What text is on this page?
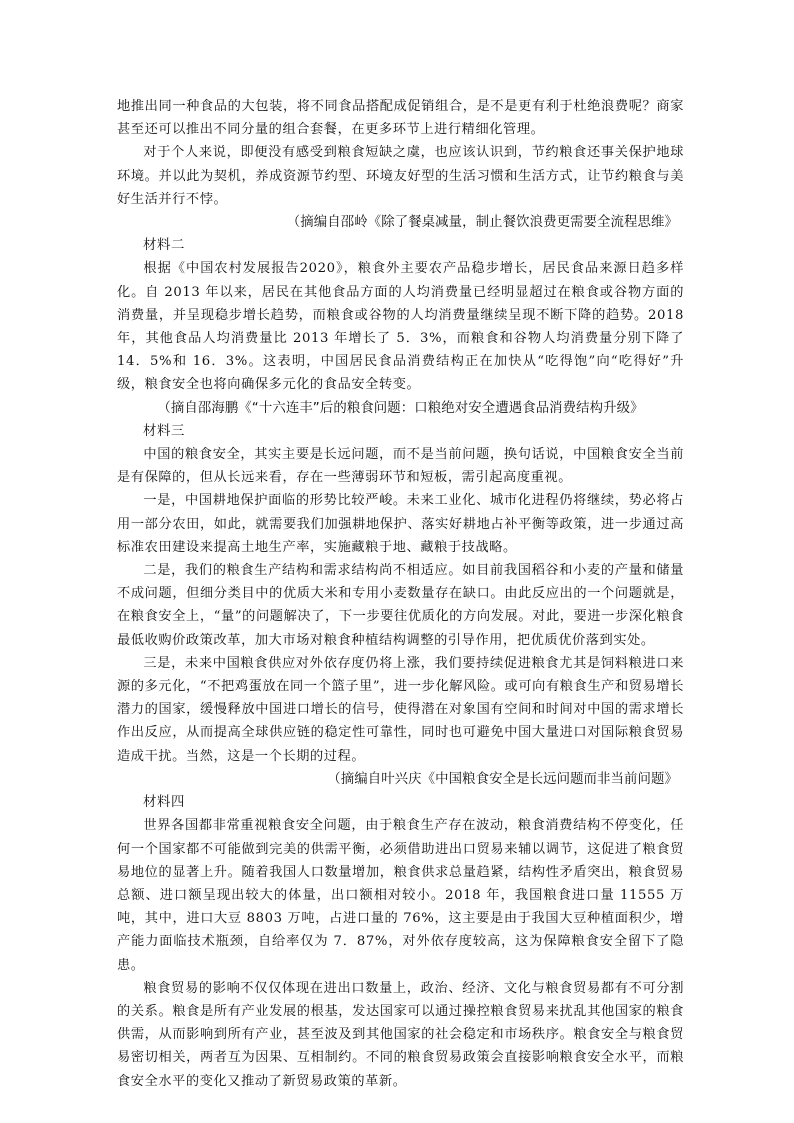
地推出同一种食品的大包装，将不同食品搭配成促销组合，是不是更有利于杜绝浪费呢？商家甚至还可以推出不同分量的组合套餐，在更多环节上进行精细化管理。

对于个人来说，即便没有感受到粮食短缺之虞，也应该认识到，节约粮食还事关保护地球环境。并以此为契机，养成资源节约型、环境友好型的生活习惯和生活方式，让节约粮食与美好生活并行不悖。

（摘编自邵岭《除了餐桌减量，制止餐饮浪费更需要全流程思维》

材料二

根据《中国农村发展报告2020》，粮食外主要农产品稳步增长，居民食品来源日趋多样化。自 2013 年以来，居民在其他食品方面的人均消费量已经明显超过在粮食或谷物方面的消费量，并呈现稳步增长趋势，而粮食或谷物的人均消费量继续呈现不断下降的趋势。2018 年，其他食品人均消费量比 2013 年增长了 5．3%，而粮食和谷物人均消费量分别下降了 14．5%和 16．3%。这表明，中国居民食品消费结构正在加快从“吃得饱”向“吃得好”升级，粮食安全也将向确保多元化的食品安全转变。

（摘自邵海鹏《“十六连丰”后的粮食问题：口粮绝对安全遭遇食品消费结构升级》

材料三

中国的粮食安全，其实主要是长远问题，而不是当前问题，换句话说，中国粮食安全当前是有保障的，但从长远来看，存在一些薄弱环节和短板，需引起高度重视。

一是，中国耕地保护面临的形势比较严峻。未来工业化、城市化进程仍将继续，势必将占用一部分农田，如此，就需要我们加强耕地保护、落实好耕地占补平衡等政策，进一步通过高标准农田建设来提高土地生产率，实施藏粮于地、藏粮于技战略。

二是，我们的粮食生产结构和需求结构尚不相适应。如目前我国稻谷和小麦的产量和储量不成问题，但细分类目中的优质大米和专用小麦数量存在缺口。由此反应出的一个问题就是，在粮食安全上，“量”的问题解决了，下一步要往优质化的方向发展。对此，要进一步深化粮食最低收购价政策改革，加大市场对粮食种植结构调整的引导作用，把优质优价落到实处。

三是，未来中国粮食供应对外依存度仍将上涨，我们要持续促进粮食尤其是饲料粮进口来源的多元化，“不把鸡蛋放在同一个篮子里”，进一步化解风险。或可向有粮食生产和贸易增长潜力的国家，缓慢释放中国进口增长的信号，使得潜在对象国有空间和时间对中国的需求增长作出反应，从而提高全球供应链的稳定性可靠性，同时也可避免中国大量进口对国际粮食贸易造成干扰。当然，这是一个长期的过程。

（摘编自叶兴庆《中国粮食安全是长远问题而非当前问题》

材料四

世界各国都非常重视粮食安全问题，由于粮食生产存在波动，粮食消费结构不停变化，任何一个国家都不可能做到完美的供需平衡，必须借助进出口贸易来辅以调节，这促进了粮食贸易地位的显著上升。随着我国人口数量增加，粮食供求总量趋紧，结构性矛盾突出，粮食贸易总额、进口额呈现出较大的体量，出口额相对较小。2018 年，我国粮食进口量 11555 万吨，其中，进口大豆 8803 万吨，占进口量的 76%，这主要是由于我国大豆种植面积少，增产能力面临技术瓶颈，自给率仅为 7．87%，对外依存度较高，这为保障粮食安全留下了隐患。

粮食贸易的影响不仅仅体现在进出口数量上，政治、经济、文化与粮食贸易都有不可分割的关系。粮食是所有产业发展的根基，发达国家可以通过操控粮食贸易来扰乱其他国家的粮食供需，从而影响到所有产业，甚至波及到其他国家的社会稳定和市场秩序。粮食安全与粮食贸易密切相关，两者互为因果、互相制约。不同的粮食贸易政策会直接影响粮食安全水平，而粮食安全水平的变化又推动了新贸易政策的革新。
